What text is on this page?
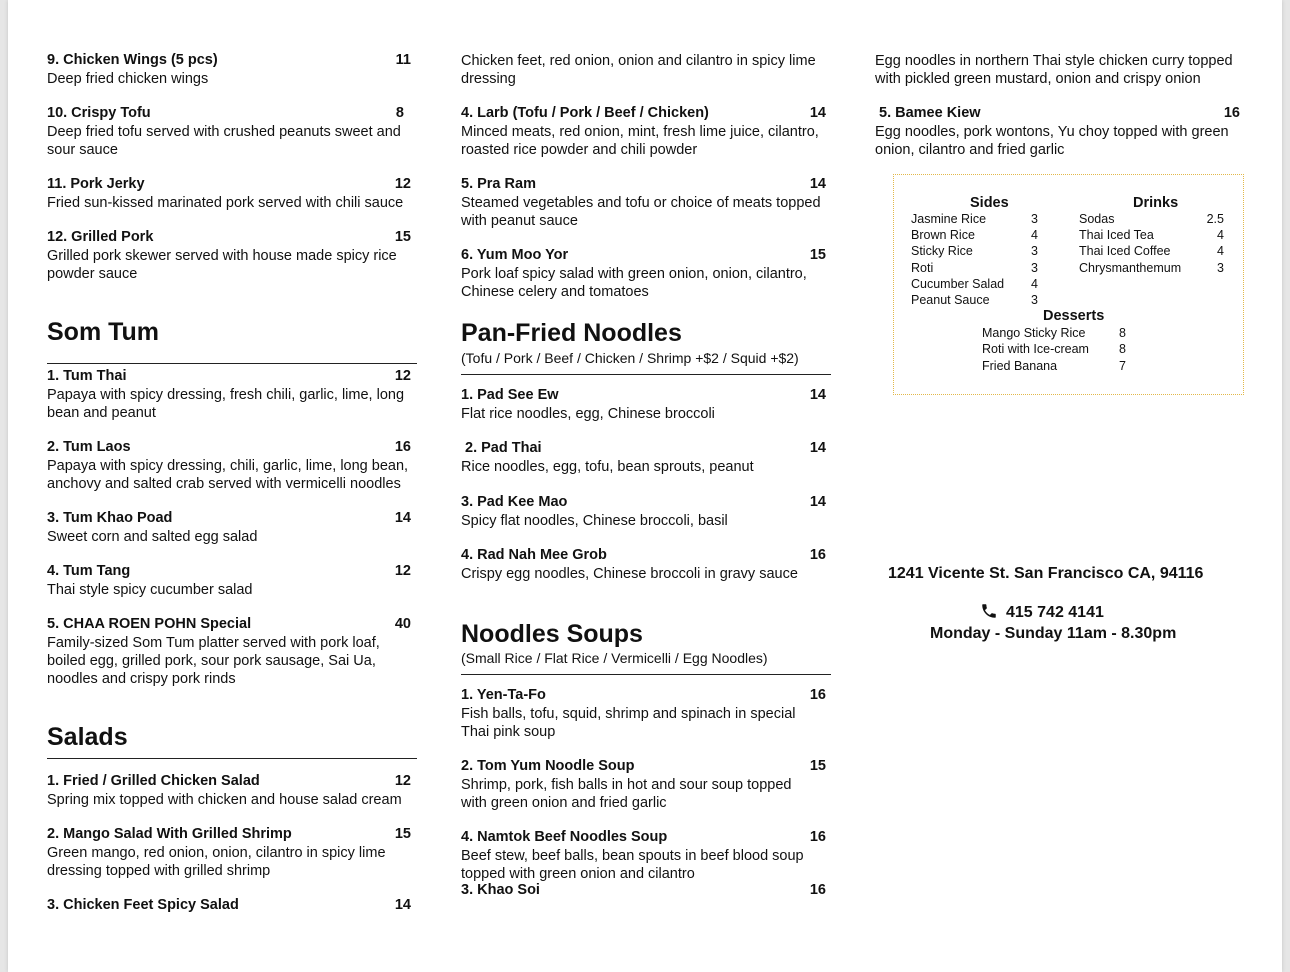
9. Chicken Wings (5 pcs)	11
Deep fried chicken wings
10. Crispy Tofu	8
Deep fried tofu served with crushed peanuts sweet and
sour sauce
11. Pork Jerky	12
Fried sun-kissed marinated pork served with chili sauce
12. Grilled Pork	15
Grilled pork skewer served with house made spicy rice
powder sauce
Som Tum
1. Tum Thai	12
Papaya with spicy dressing, fresh chili, garlic, lime, long
bean and peanut
2. Tum Laos	16
Papaya with spicy dressing, chili, garlic, lime, long bean,
anchovy and salted crab served with vermicelli noodles
3. Tum Khao Poad	14
Sweet corn and salted egg salad
4. Tum Tang	12
Thai style spicy cucumber salad
5. CHAA ROEN POHN Special	40
Family-sized Som Tum platter served with pork loaf,
boiled egg, grilled pork, sour pork sausage, Sai Ua,
noodles and crispy pork rinds
Salads
1. Fried / Grilled Chicken Salad	12
Spring mix topped with chicken and house salad cream
2. Mango Salad With Grilled Shrimp	15
Green mango, red onion, onion, cilantro in spicy lime
dressing topped with grilled shrimp
3. Chicken Feet Spicy Salad	14
Chicken feet, red onion, onion and cilantro in spicy lime
dressing
4. Larb (Tofu / Pork / Beef / Chicken)	14
Minced meats, red onion, mint, fresh lime juice, cilantro,
roasted rice powder and chili powder
5. Pra Ram	14
Steamed vegetables and tofu or choice of meats topped
with peanut sauce
6. Yum Moo Yor	15
Pork loaf spicy salad with green onion, onion, cilantro,
Chinese celery and tomatoes
Pan-Fried Noodles
(Tofu / Pork / Beef / Chicken / Shrimp +$2 / Squid +$2)
1. Pad See Ew	14
Flat rice noodles, egg, Chinese broccoli
2. Pad Thai	14
Rice noodles, egg, tofu, bean sprouts, peanut
3. Pad Kee Mao	14
Spicy flat noodles, Chinese broccoli, basil
4. Rad Nah Mee Grob	16
Crispy egg noodles, Chinese broccoli in gravy sauce
Noodles Soups
(Small Rice / Flat Rice / Vermicelli / Egg Noodles)
1. Yen-Ta-Fo	16
Fish balls, tofu, squid, shrimp and spinach in special
Thai pink soup
2. Tom Yum Noodle Soup	15
Shrimp, pork, fish balls in hot and sour soup topped
with green onion and fried garlic
4. Namtok Beef Noodles Soup	16
Beef stew, beef balls, bean spouts in beef blood soup
topped with green onion and cilantro
3. Khao Soi	16
Egg noodles in northern Thai style chicken curry topped
with pickled green mustard, onion and crispy onion
5. Bamee Kiew	16
Egg noodles, pork wontons, Yu choy topped with green
onion, cilantro and fried garlic
Sides
Jasmine Rice	3
Brown Rice	4
Sticky Rice	3
Roti	3
Cucumber Salad	4
Peanut Sauce	3
Drinks
Sodas	2.5
Thai Iced Tea	4
Thai Iced Coffee	4
Chrysmanthemum	3
Desserts
Mango Sticky Rice	8
Roti with Ice-cream	8
Fried Banana	7
1241 Vicente St. San Francisco CA, 94116
415 742 4141
Monday - Sunday 11am - 8.30pm
